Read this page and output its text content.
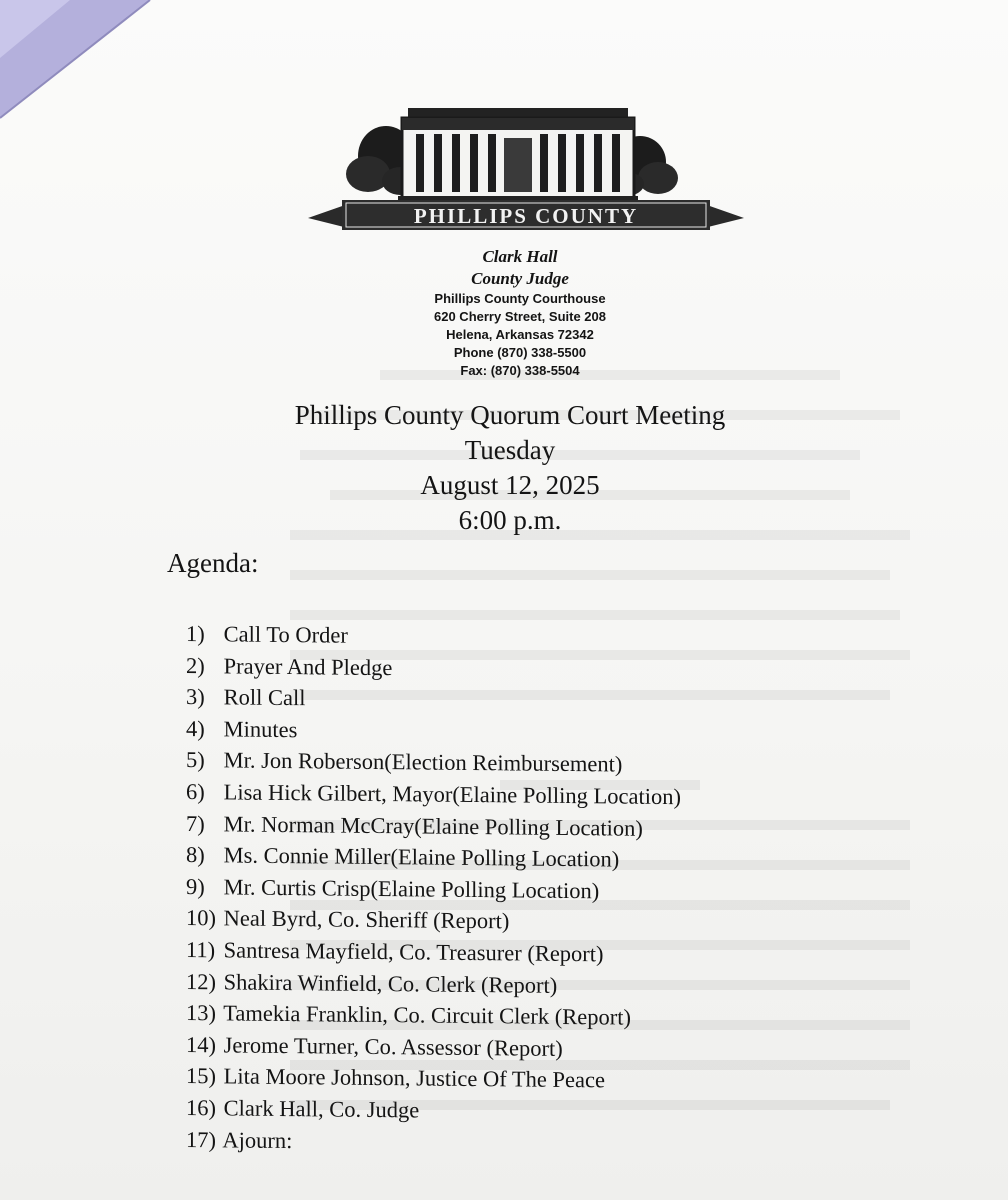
PHILLIPS COUNTY
Clark Hall
County Judge
Phillips County Courthouse
620 Cherry Street, Suite 208
Helena, Arkansas 72342
Phone (870) 338-5500
Fax: (870) 338-5504
Phillips County Quorum Court Meeting
Tuesday
August 12, 2025
6:00 p.m.
Agenda:
1) Call To Order
2) Prayer And Pledge
3) Roll Call
4) Minutes
5) Mr. Jon Roberson(Election Reimbursement)
6) Lisa Hick Gilbert, Mayor(Elaine Polling Location)
7) Mr. Norman McCray(Elaine Polling Location)
8) Ms. Connie Miller(Elaine Polling Location)
9) Mr. Curtis Crisp(Elaine Polling Location)
10) Neal Byrd, Co. Sheriff (Report)
11) Santresa Mayfield, Co. Treasurer (Report)
12) Shakira Winfield, Co. Clerk (Report)
13) Tamekia Franklin, Co. Circuit Clerk (Report)
14) Jerome Turner, Co. Assessor (Report)
15) Lita Moore Johnson, Justice Of The Peace
16) Clark Hall, Co. Judge
17) Ajourn:
